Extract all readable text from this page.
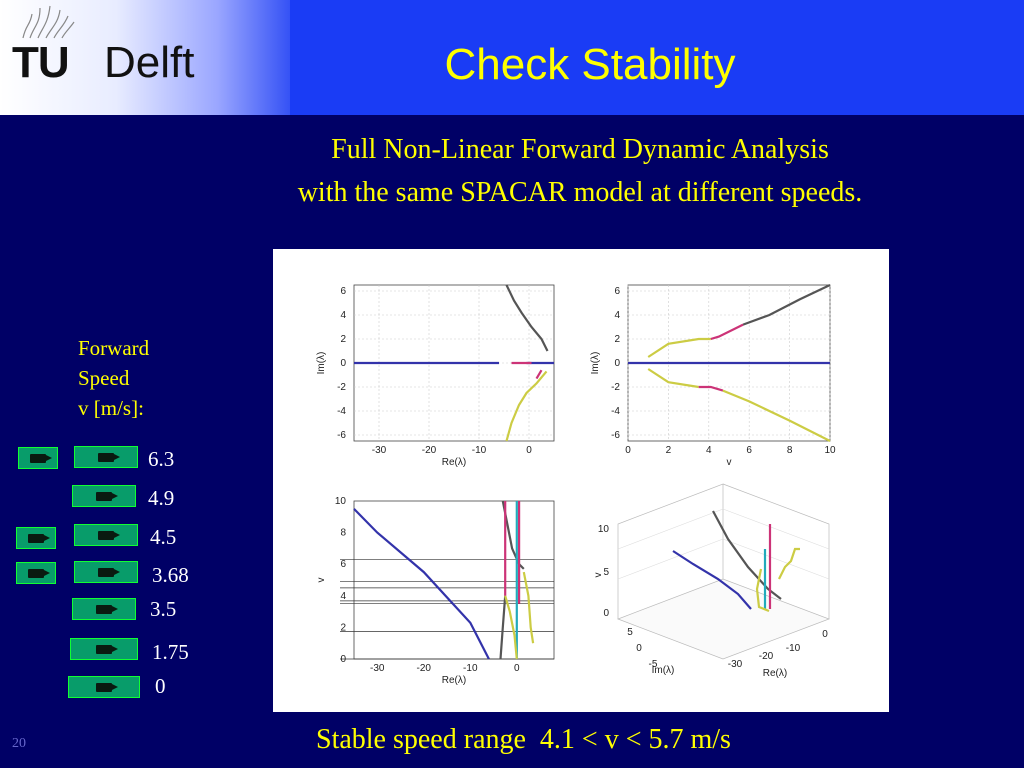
TU Delft	Check Stability
Full Non-Linear Forward Dynamic Analysis
with the same SPACAR model at different speeds.
Forward
Speed
v [m/s]:
6.3
4.9
4.5
3.68
3.5
1.75
0
-30	-20	-10	0
6
4
2
0
-2
-4
-6
Re(λ)
Im(λ)
0	2	4	6	8	10
6
4
2
0
-2
-4
-6
v
Im(λ)
-30	-20	-10	0
10
8
6
4
2
0
Re(λ)
v
0
5
10
5
0
-5	-30
-20
-10
0
Im(λ)	Re(λ)
v
Stable speed range  4.1 < v < 5.7 m/s
20
